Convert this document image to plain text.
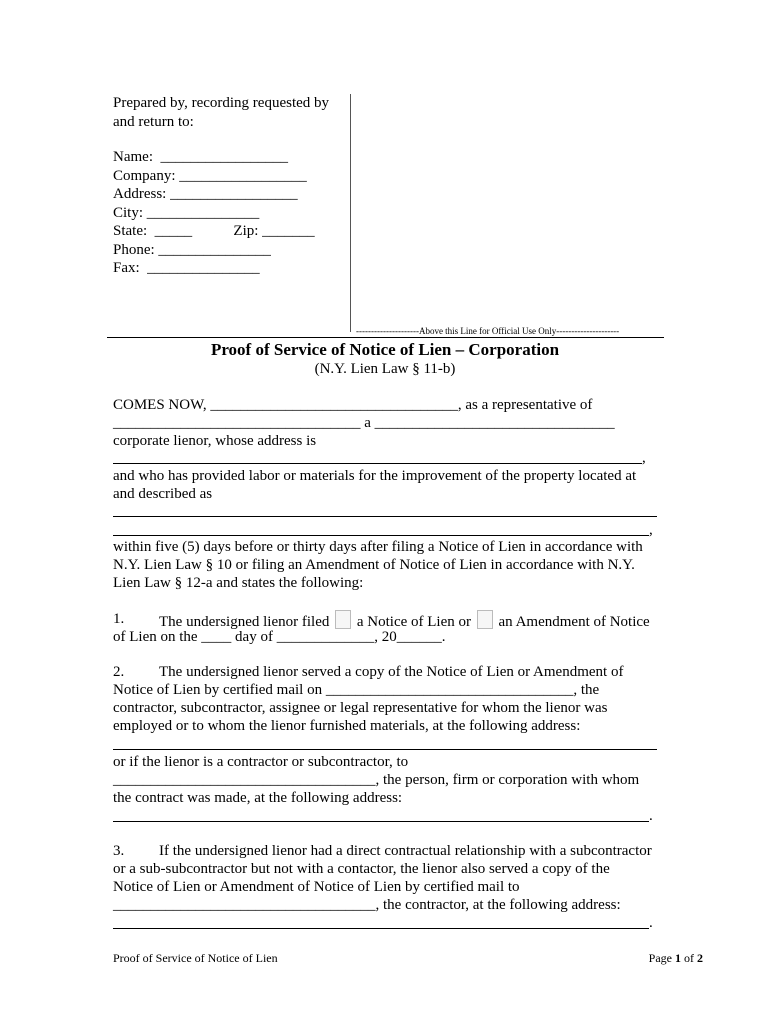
Prepared by, recording requested by
and return to:
Name:  _________________
Company: _________________
Address: _________________
City: _______________
State:  _____           Zip: _______
Phone: _______________
Fax:  _______________
---------------------Above this Line for Official Use Only---------------------
Proof of Service of Notice of Lien – Corporation
(N.Y. Lien Law § 11-b)
COMES NOW, _________________________________, as a representative of
_________________________________ a ________________________________
corporate lienor, whose address is
,
and who has provided labor or materials for the improvement of the property located at
and described as
,
within five (5) days before or thirty days after filing a Notice of Lien in accordance with
N.Y. Lien Law § 10 or filing an Amendment of Notice of Lien in accordance with N.Y.
Lien Law § 12-a and states the following:
1. The undersigned lienor filed a Notice of Lien or an Amendment of Notice
of Lien on the ____ day of _____________, 20______.
2. The undersigned lienor served a copy of the Notice of Lien or Amendment of
Notice of Lien by certified mail on _________________________________, the
contractor, subcontractor, assignee or legal representative for whom the lienor was
employed or to whom the lienor furnished materials, at the following address:
or if the lienor is a contractor or subcontractor, to
___________________________________, the person, firm or corporation with whom
the contract was made, at the following address:
.
3. If the undersigned lienor had a direct contractual relationship with a subcontractor
or a sub-subcontractor but not with a contactor, the lienor also served a copy of the
Notice of Lien or Amendment of Notice of Lien by certified mail to
___________________________________, the contractor, at the following address:
.
Proof of Service of Notice of Lien	Page 1 of 2
